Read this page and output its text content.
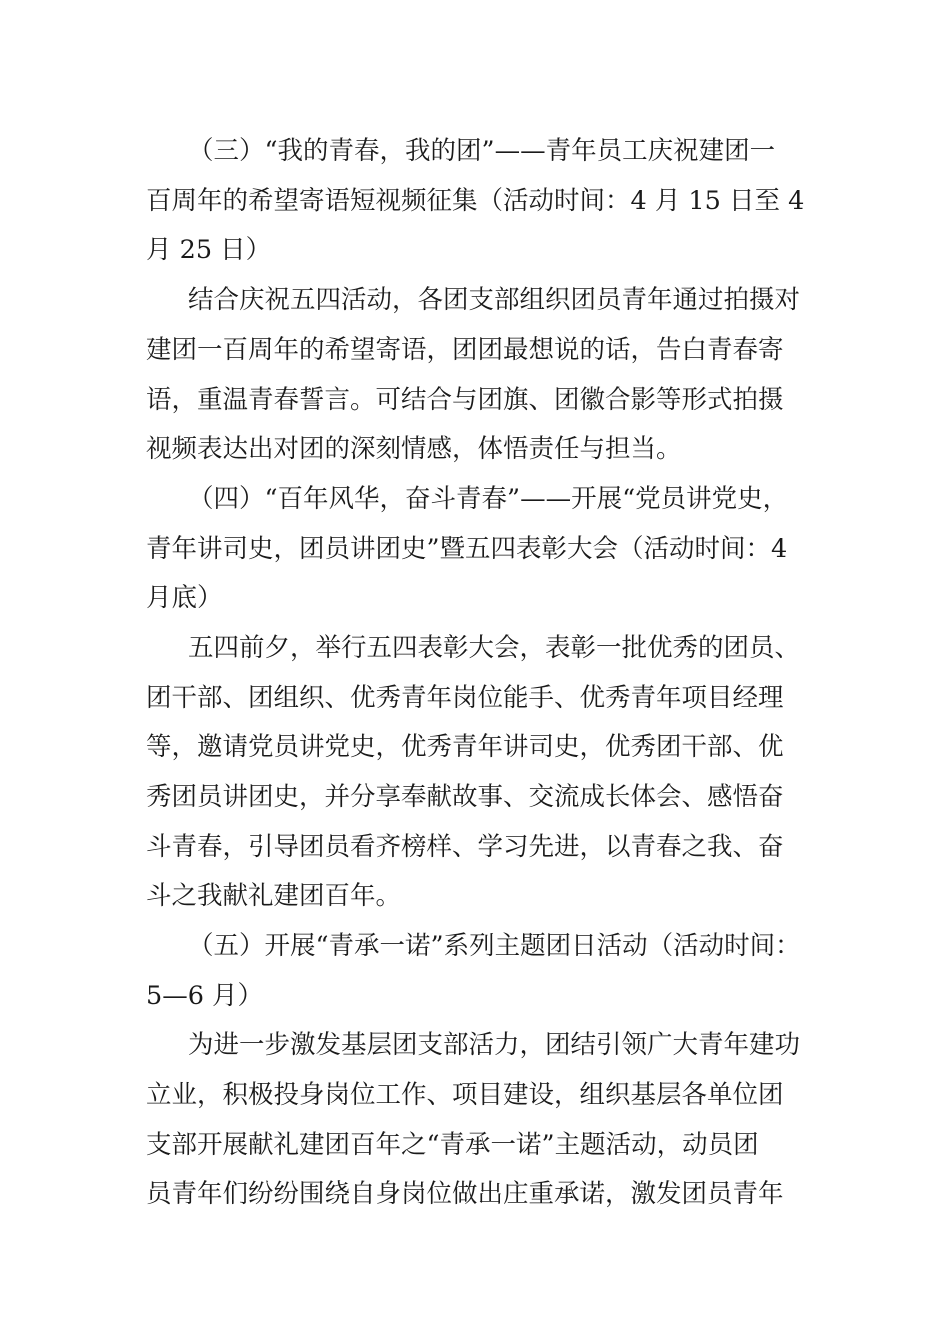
（三）“我的青春，我的团”——青年员工庆祝建团一
百周年的希望寄语短视频征集（活动时间：4 月 15 日至 4
月 25 日）
结合庆祝五四活动，各团支部组织团员青年通过拍摄对
建团一百周年的希望寄语，团团最想说的话，告白青春寄
语，重温青春誓言。可结合与团旗、团徽合影等形式拍摄
视频表达出对团的深刻情感，体悟责任与担当。
（四）“百年风华，奋斗青春”——开展“党员讲党史，
青年讲司史，团员讲团史”暨五四表彰大会（活动时间：4
月底）
五四前夕，举行五四表彰大会，表彰一批优秀的团员、
团干部、团组织、优秀青年岗位能手、优秀青年项目经理
等，邀请党员讲党史，优秀青年讲司史，优秀团干部、优
秀团员讲团史，并分享奉献故事、交流成长体会、感悟奋
斗青春，引导团员看齐榜样、学习先进，以青春之我、奋
斗之我献礼建团百年。
（五）开展“青承一诺”系列主题团日活动（活动时间：
5—6 月）
为进一步激发基层团支部活力，团结引领广大青年建功
立业，积极投身岗位工作、项目建设，组织基层各单位团
支部开展献礼建团百年之“青承一诺”主题活动，动员团
员青年们纷纷围绕自身岗位做出庄重承诺，激发团员青年
